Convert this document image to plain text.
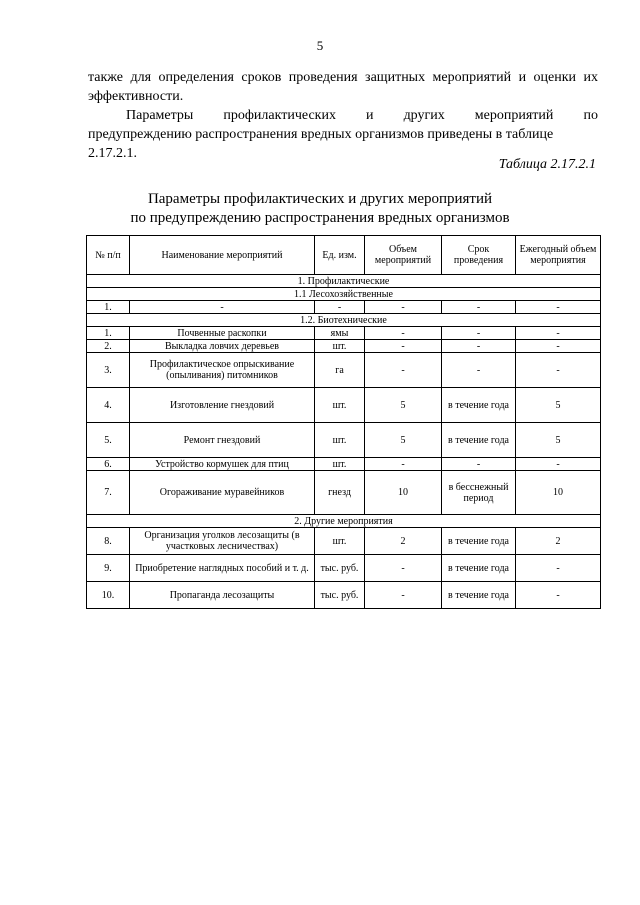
5
также для определения сроков проведения защитных мероприятий и оценки их эффективности.
Параметры профилактических и других мероприятий по
предупреждению распространения вредных организмов приведены в таблице
2.17.2.1.
Таблица 2.17.2.1
Параметры профилактических и других мероприятий
по предупреждению распространения вредных организмов
№ п/п	Наименование мероприятий	Ед. изм.	Объем мероприятий	Срок проведения	Ежегодный объем мероприятия
1. Профилактические					
1.1 Лесохозяйственные					
1.	-	-	-	-	-
1.2. Биотехнические					
1.	Почвенные раскопки	ямы	-	-	-
2.	Выкладка ловчих деревьев	шт.	-	-	-
3.	Профилактическое опрыскивание (опыливания) питомников	га	-	-	-
4.	Изготовление гнездовий	шт.	5	в течение года	5
5.	Ремонт гнездовий	шт.	5	в течение года	5
6.	Устройство кормушек для птиц	шт.	-	-	-
7.	Огораживание муравейников	гнезд	10	в бесснежный период	10
2. Другие мероприятия					
8.	Организация уголков лесозащиты (в участковых лесничествах)	шт.	2	в течение года	2
9.	Приобретение наглядных пособий и т. д.	тыс. руб.	-	в течение года	-
10.	Пропаганда лесозащиты	тыс. руб.	-	в течение года	-
